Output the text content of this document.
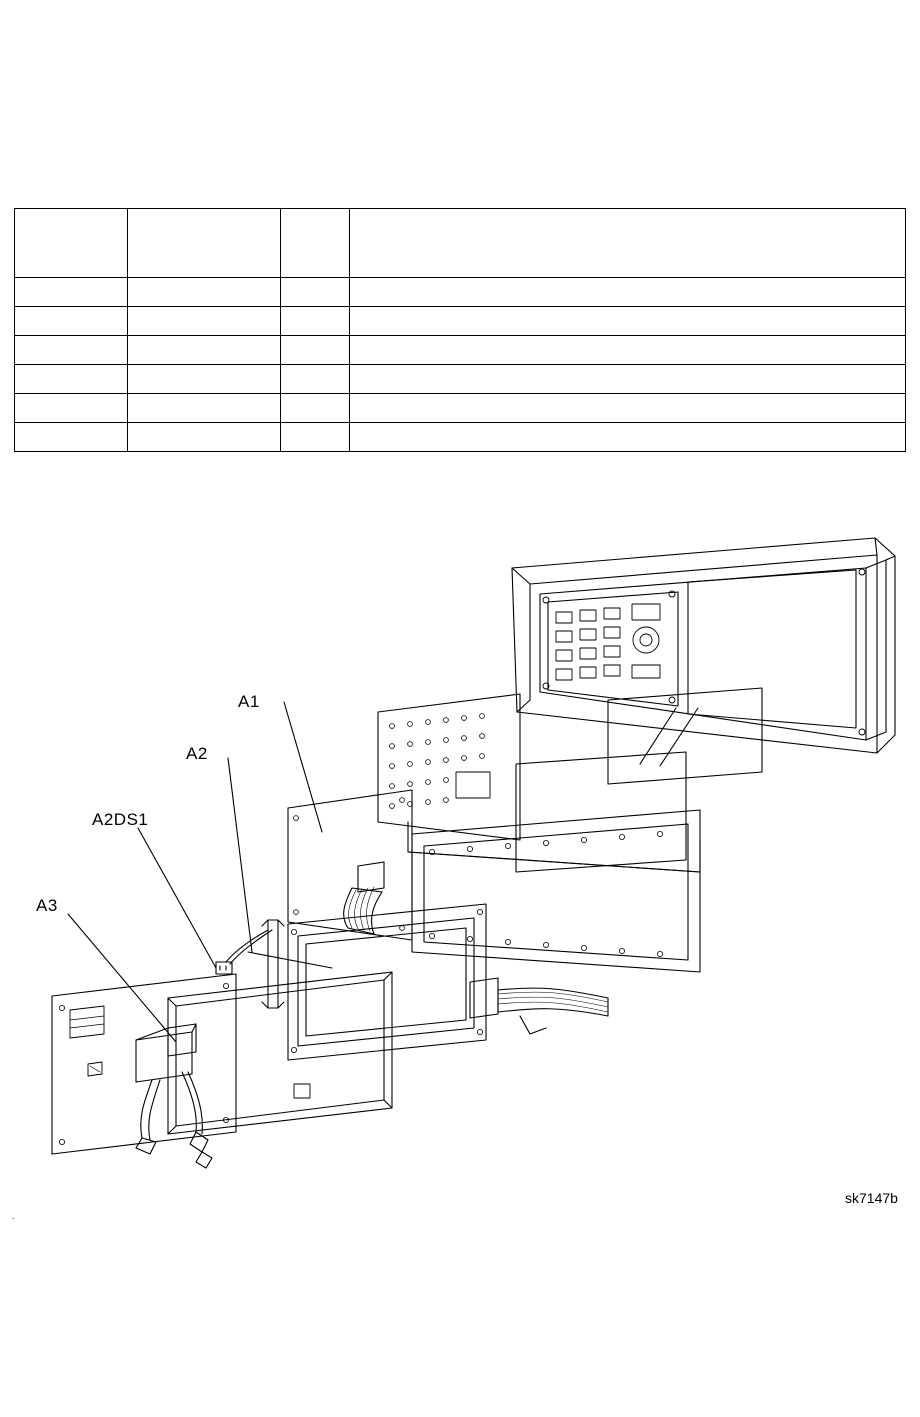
A1
A2
A2DS1
A3
sk7147b
.
